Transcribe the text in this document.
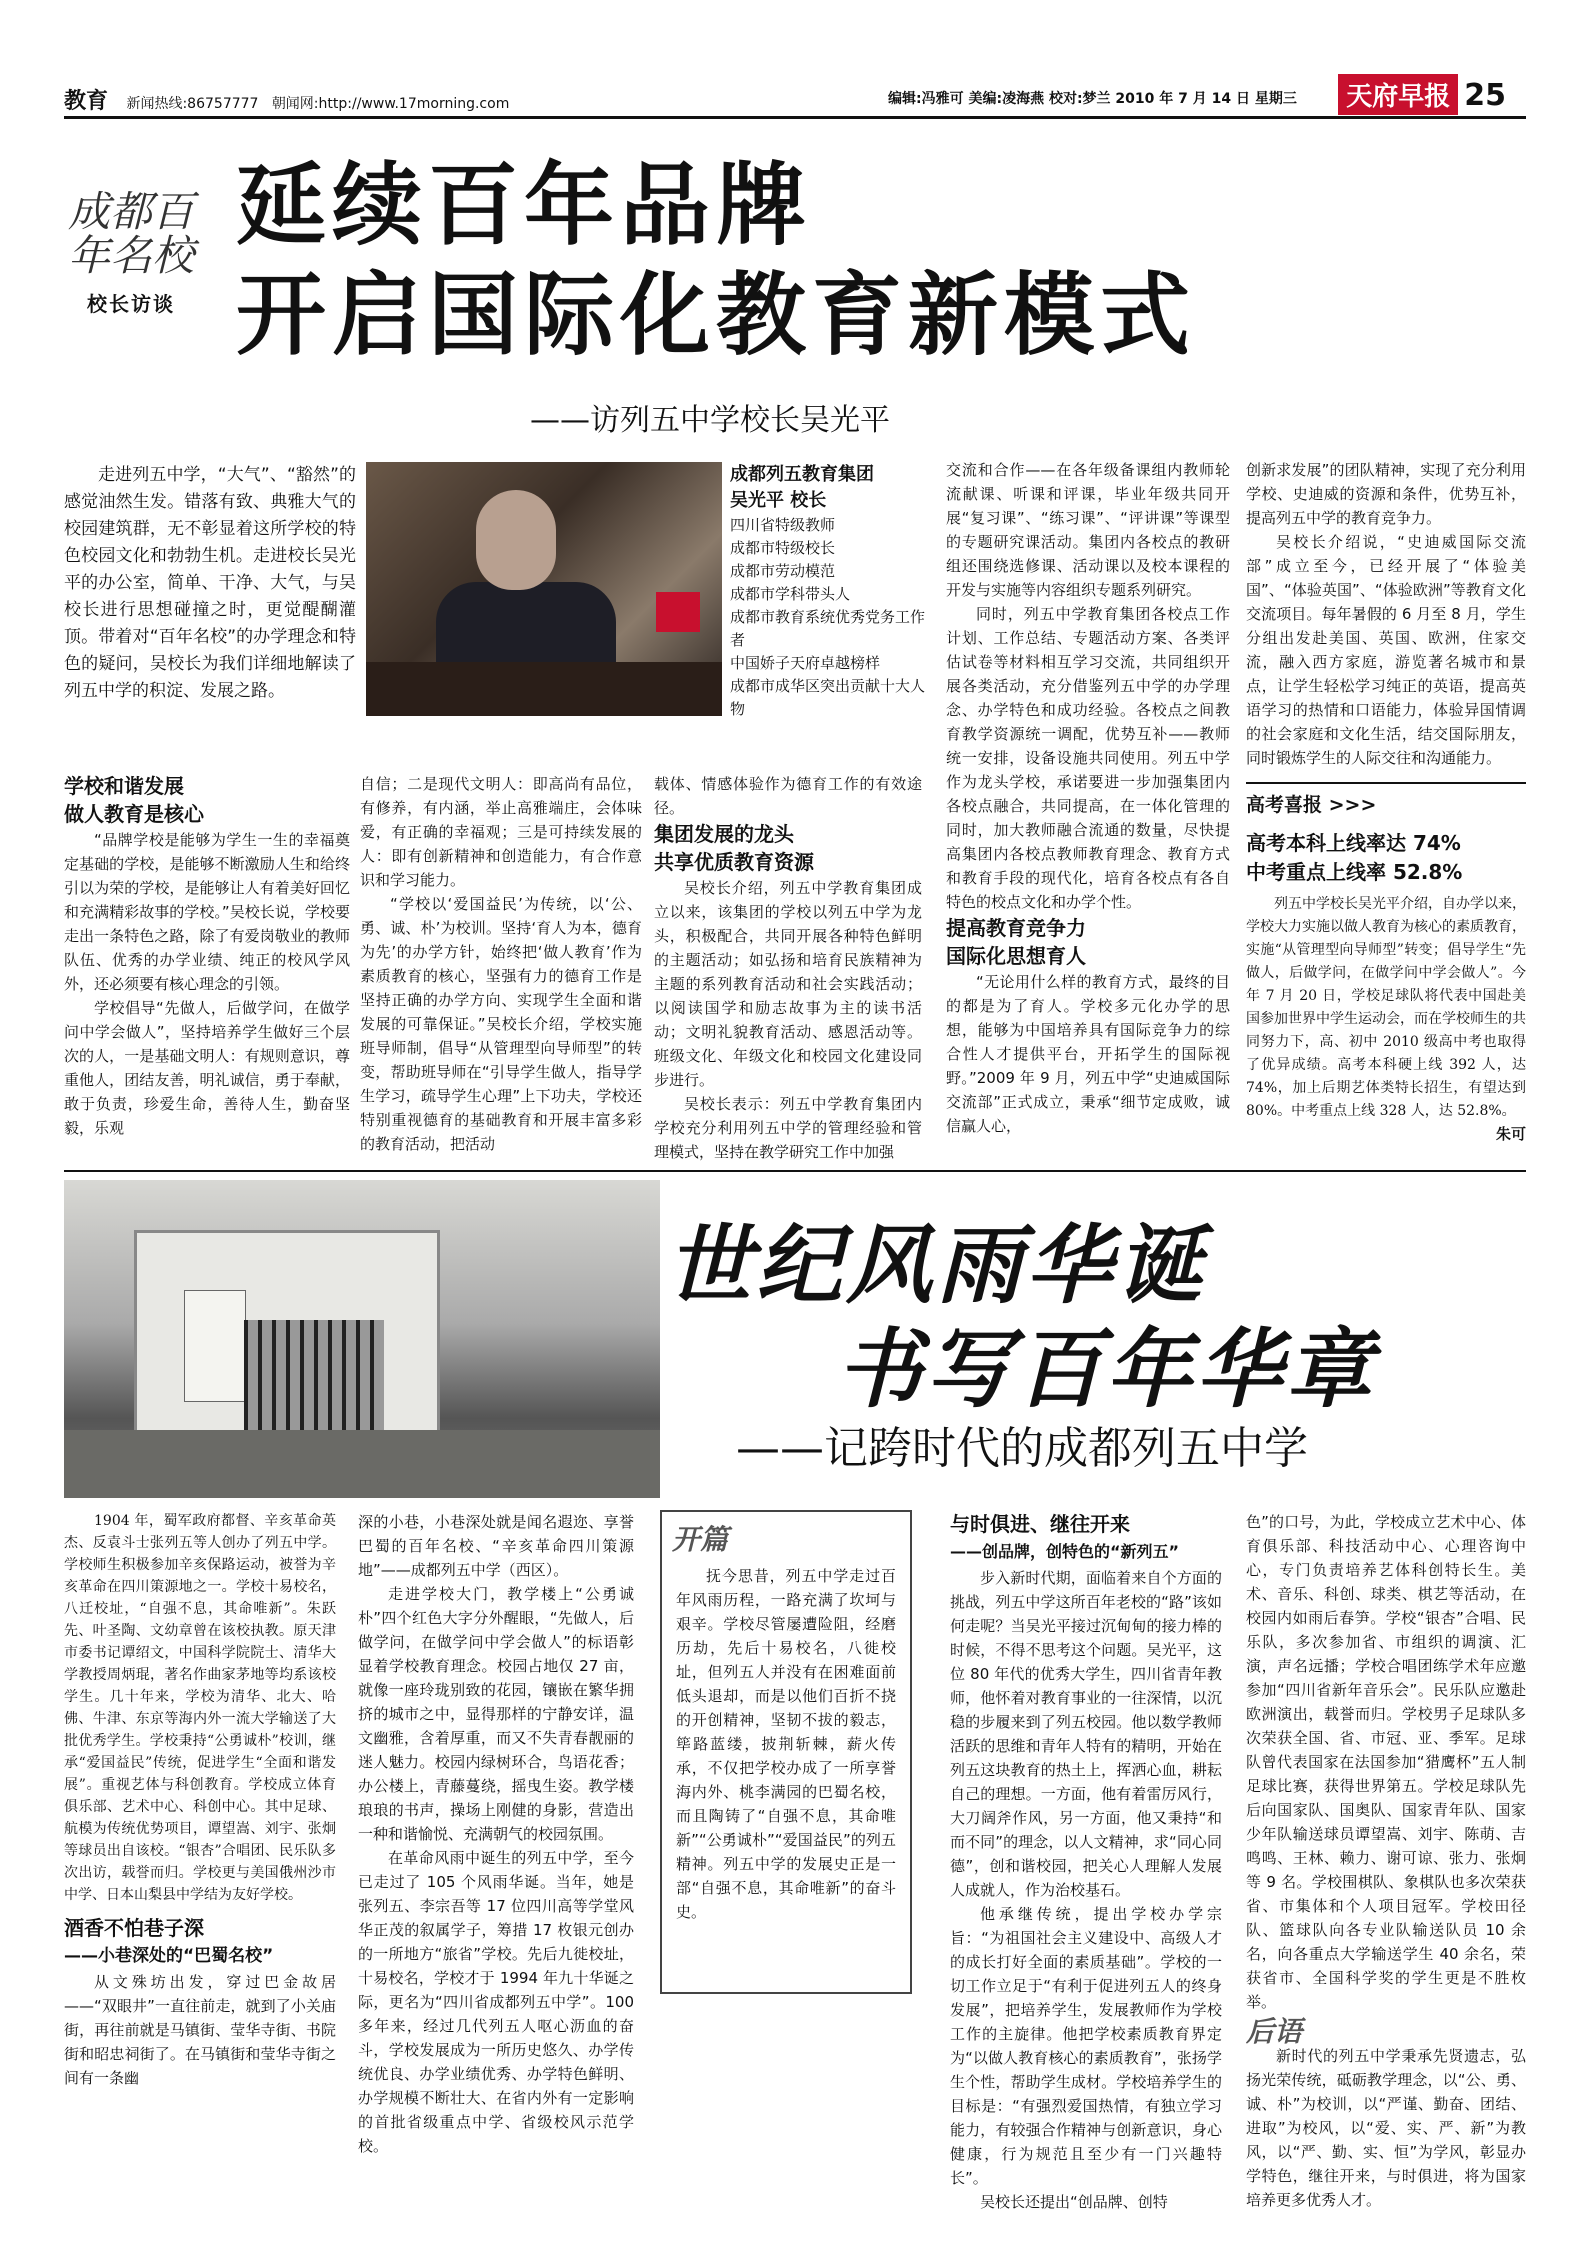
教育 新闻热线:86757777 朝闻网:http://www.17morning.com	编辑:冯雅可 美编:凌海燕 校对:梦兰 2010 年 7 月 14 日 星期三	天府早报 25
成都百年名校
校长访谈
延续百年品牌
开启国际化教育新模式
——访列五中学校长吴光平
走进列五中学，“大气”、“豁然”的感觉油然生发。错落有致、典雅大气的校园建筑群，无不彰显着这所学校的特色校园文化和勃勃生机。走进校长吴光平的办公室，简单、干净、大气，与吴校长进行思想碰撞之时，更觉醍醐灌顶。带着对“百年名校”的办学理念和特色的疑问，吴校长为我们详细地解读了列五中学的积淀、发展之路。
成都列五教育集团
吴光平 校长
四川省特级教师
成都市特级校长
成都市劳动模范
成都市学科带头人
成都市教育系统优秀党务工作者
中国娇子天府卓越榜样
成都市成华区突出贡献十大人物
学校和谐发展
做人教育是核心

“品牌学校是能够为学生一生的幸福奠定基础的学校，是能够不断激励人生和给终引以为荣的学校，是能够让人有着美好回忆和充满精彩故事的学校。”吴校长说，学校要走出一条特色之路，除了有爱岗敬业的教师队伍、优秀的办学业绩、纯正的校风学风外，还必须要有核心理念的引领。

学校倡导“先做人，后做学问，在做学问中学会做人”，坚持培养学生做好三个层次的人，一是基础文明人：有规则意识，尊重他人，团结友善，明礼诚信，勇于奉献，敢于负责，珍爱生命，善待人生，勤奋坚毅，乐观

自信；二是现代文明人：即高尚有品位，有修养，有内涵，举止高雅端庄，会体味爱，有正确的幸福观；三是可持续发展的人：即有创新精神和创造能力，有合作意识和学习能力。

“学校以‘爱国益民’为传统，以‘公、勇、诚、朴’为校训。坚持‘育人为本，德育为先’的办学方针，始终把‘做人教育’作为素质教育的核心，坚强有力的德育工作是坚持正确的办学方向、实现学生全面和谐发展的可靠保证。”吴校长介绍，学校实施班导师制，倡导“从管理型向导师型”的转变，帮助班导师在“引导学生做人，指导学生学习，疏导学生心理”上下功夫，学校还特别重视德育的基础教育和开展丰富多彩的教育活动，把活动

载体、情感体验作为德育工作的有效途径。

集团发展的龙头
共享优质教育资源

吴校长介绍，列五中学教育集团成立以来，该集团的学校以列五中学为龙头，积极配合，共同开展各种特色鲜明的主题活动；如弘扬和培育民族精神为主题的系列教育活动和社会实践活动；以阅读国学和励志故事为主的读书活动；文明礼貌教育活动、感恩活动等。班级文化、年级文化和校园文化建设同步进行。

吴校长表示：列五中学教育集团内学校充分利用列五中学的管理经验和管理模式，坚持在教学研究工作中加强

交流和合作——在各年级备课组内教师轮流献课、听课和评课，毕业年级共同开展“复习课”、“练习课”、“评讲课”等课型的专题研究课活动。集团内各校点的教研组还围绕选修课、活动课以及校本课程的开发与实施等内容组织专题系列研究。

同时，列五中学教育集团各校点工作计划、工作总结、专题活动方案、各类评估试卷等材料相互学习交流，共同组织开展各类活动，充分借鉴列五中学的办学理念、办学特色和成功经验。各校点之间教育教学资源统一调配，优势互补——教师统一安排，设备设施共同使用。列五中学作为龙头学校，承诺要进一步加强集团内各校点融合，共同提高，在一体化管理的同时，加大教师融合流通的数量，尽快提高集团内各校点教师教育理念、教育方式和教育手段的现代化，培育各校点有各自特色的校点文化和办学个性。

提高教育竞争力
国际化思想育人

“无论用什么样的教育方式，最终的目的都是为了育人。学校多元化办学的思想，能够为中国培养具有国际竞争力的综合性人才提供平台，开拓学生的国际视野。”2009 年 9 月，列五中学“史迪威国际交流部”正式成立，秉承“细节定成败，诚信赢人心，

创新求发展”的团队精神，实现了充分利用学校、史迪威的资源和条件，优势互补，提高列五中学的教育竞争力。

吴校长介绍说，“史迪威国际交流部”成立至今，已经开展了“体验美国”、“体验英国”、“体验欧洲”等教育文化交流项目。每年暑假的 6 月至 8 月，学生分组出发赴美国、英国、欧洲，住家交流，融入西方家庭，游览著名城市和景点，让学生轻松学习纯正的英语，提高英语学习的热情和口语能力，体验异国情调的社会家庭和文化生活，结交国际朋友，同时锻炼学生的人际交往和沟通能力。

高考喜报 >>>
高考本科上线率达 74%
中考重点上线率 52.8%
列五中学校长吴光平介绍，自办学以来，学校大力实施以做人教育为核心的素质教育，实施“从管理型向导师型”转变；倡导学生“先做人，后做学问，在做学问中学会做人”。今年 7 月 20 日，学校足球队将代表中国赴美国参加世界中学生运动会，而在学校师生的共同努力下，高、初中 2010 级高中考也取得了优异成绩。高考本科硬上线 392 人，达 74%，加上后期艺体类特长招生，有望达到 80%。中考重点上线 328 人，达 52.8%。
朱可
世纪风雨华诞
书写百年华章
——记跨时代的成都列五中学

1904 年，蜀军政府都督、辛亥革命英杰、反袁斗士张列五等人创办了列五中学。学校师生积极参加辛亥保路运动，被誉为辛亥革命在四川策源地之一。学校十易校名，八迁校址，“自强不息，其命唯新”。朱跃先、叶圣陶、文幼章曾在该校执教。原天津市委书记谭绍文，中国科学院院士、清华大学教授周炳琨，著名作曲家茅地等均系该校学生。几十年来，学校为清华、北大、哈佛、牛津、东京等海内外一流大学输送了大批优秀学生。学校秉持“公勇诚朴”校训，继承“爱国益民”传统，促进学生“全面和谐发展”。重视艺体与科创教育。学校成立体育俱乐部、艺术中心、科创中心。其中足球、航模为传统优势项目，谭望嵩、刘宇、张炯等球员出自该校。“银杏”合唱团、民乐队多次出访，载誉而归。学校更与美国俄州沙市中学、日本山梨县中学结为友好学校。

酒香不怕巷子深
——小巷深处的“巴蜀名校”

从文殊坊出发，穿过巴金故居——“双眼井”一直往前走，就到了小关庙街，再往前就是马镇街、莹华寺街、书院街和昭忠祠街了。在马镇街和莹华寺街之间有一条幽

深的小巷，小巷深处就是闻名遐迩、享誉巴蜀的百年名校、“辛亥革命四川策源地”——成都列五中学（西区）。

走进学校大门，教学楼上“公勇诚朴”四个红色大字分外醒眼，“先做人，后做学问，在做学问中学会做人”的标语彰显着学校教育理念。校园占地仅 27 亩，就像一座玲珑别致的花园，镶嵌在繁华拥挤的城市之中，显得那样的宁静安详，温文幽雅，含着厚重，而又不失青春靓丽的迷人魅力。校园内绿树环合，鸟语花香；办公楼上，青藤蔓绕，摇曳生姿。教学楼琅琅的书声，操场上刚健的身影，营造出一种和谐愉悦、充满朝气的校园氛围。

在革命风雨中诞生的列五中学，至今已走过了 105 个风雨华诞。当年，她是张列五、李宗吾等 17 位四川高等学堂风华正茂的叙属学子，筹措 17 枚银元创办的一所地方“旅省”学校。先后九徙校址，十易校名，学校才于 1994 年九十华诞之际，更名为“四川省成都列五中学”。100 多年来，经过几代列五人呕心沥血的奋斗，学校发展成为一所历史悠久、办学传统优良、办学业绩优秀、办学特色鲜明、办学规模不断壮大、在省内外有一定影响的首批省级重点中学、省级校风示范学校。

开篇
抚今思昔，列五中学走过百年风雨历程，一路充满了坎坷与艰辛。学校尽管屡遭险阻，经磨历劫，先后十易校名，八徙校址，但列五人并没有在困难面前低头退却，而是以他们百折不挠的开创精神，坚韧不拔的毅志，筚路蓝缕，披荆斩棘，薪火传承，不仅把学校办成了一所享誉海内外、桃李满园的巴蜀名校，而且陶铸了“自强不息，其命唯新”“公勇诚朴”“爱国益民”的列五精神。列五中学的发展史正是一部“自强不息，其命唯新”的奋斗史。
与时俱进、继往开来
——创品牌，创特色的“新列五”

步入新时代期，面临着来自个方面的挑战，列五中学这所百年老校的“路”该如何走呢？当吴光平接过沉甸甸的接力棒的时候，不得不思考这个问题。吴光平，这位 80 年代的优秀大学生，四川省青年教师，他怀着对教育事业的一往深情，以沉稳的步履来到了列五校园。他以数学教师活跃的思维和青年人特有的精明，开始在列五这块教育的热土上，挥洒心血，耕耘自己的理想。一方面，他有着雷厉风行，大刀阔斧作风，另一方面，他又秉持“和而不同”的理念，以人文精神，求“同心同德”，创和谐校园，把关心人理解人发展人成就人，作为治校基石。

他承继传统，提出学校办学宗旨：“为祖国社会主义建设中、高级人才的成长打好全面的素质基础”。学校的一切工作立足于“有利于促进列五人的终身发展”，把培养学生，发展教师作为学校工作的主旋律。他把学校素质教育界定为“以做人教育核心的素质教育”，张扬学生个性，帮助学生成材。学校培养学生的目标是：“有强烈爱国热情，有独立学习能力，有较强合作精神与创新意识，身心健康，行为规范且至少有一门兴趣特长”。

吴校长还提出“创品牌、创特

色”的口号，为此，学校成立艺术中心、体育俱乐部、科技活动中心、心理咨询中心，专门负责培养艺体科创特长生。美术、音乐、科创、球类、棋艺等活动，在校园内如雨后春笋。学校“银杏”合唱、民乐队，多次参加省、市组织的调演、汇演，声名远播；学校合唱团练学术年应邀参加“四川省新年音乐会”。民乐队应邀赴欧洲演出，载誉而归。学校男子足球队多次荣获全国、省、市冠、亚、季军。足球队曾代表国家在法国参加“猎鹰杯”五人制足球比赛，获得世界第五。学校足球队先后向国家队、国奥队、国家青年队、国家少年队输送球员谭望嵩、刘宇、陈萌、吉鸣鸣、王林、赖力、谢可谅、张力、张炯等 9 名。学校围棋队、象棋队也多次荣获省、市集体和个人项目冠军。学校田径队、篮球队向各专业队输送队员 10 余名，向各重点大学输送学生 40 余名，荣获省市、全国科学奖的学生更是不胜枚举。

后语

新时代的列五中学秉承先贤遗志，弘扬光荣传统，砥砺教学理念，以“公、勇、诚、朴”为校训，以“严谨、勤奋、团结、进取”为校风，以“爱、实、严、新”为教风，以“严、勤、实、恒”为学风，彰显办学特色，继往开来，与时俱进，将为国家培养更多优秀人才。
